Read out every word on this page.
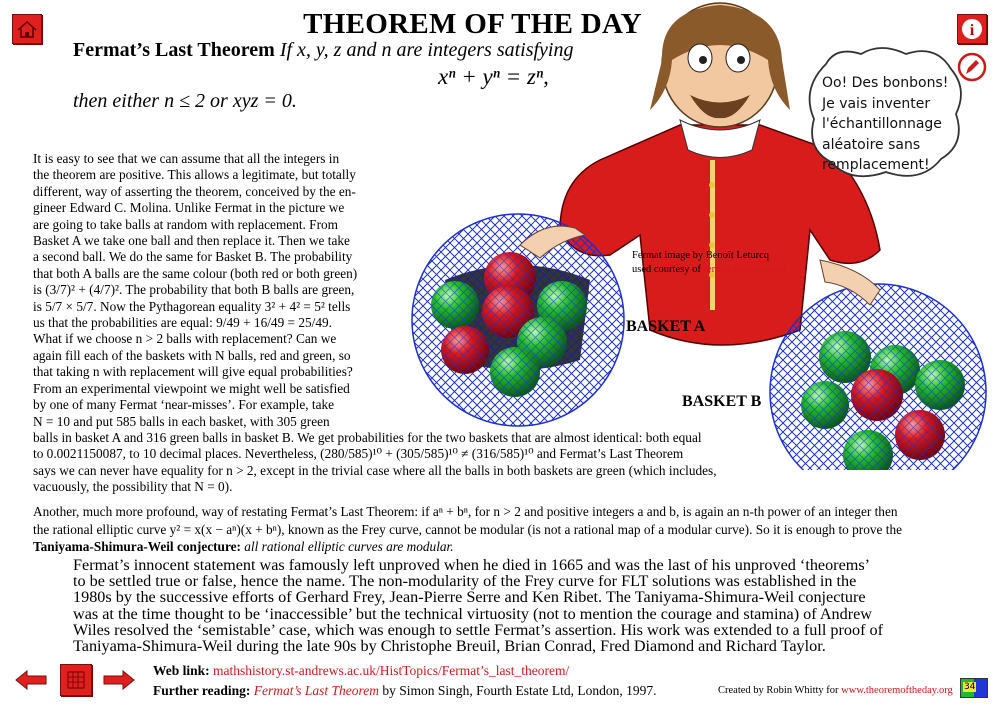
i
THEOREM OF THE DAY
Fermat’s Last Theorem If x, y, z and n are integers satisfying
xⁿ + yⁿ = zⁿ,
then either n ≤ 2 or xyz = 0.
Oo! Des bonbons!
Je vais inventer
l'échantillonnage
aléatoire sans
remplacement!
Fermat image by Benoît Leturcq
used courtesy of fermat-science.com
BASKET A
BASKET B
It is easy to see that we can assume that all the integers in
the theorem are positive. This allows a legitimate, but totally
different, way of asserting the theorem, conceived by the en-
gineer Edward C. Molina. Unlike Fermat in the picture we
are going to take balls at random with replacement. From
Basket A we take one ball and then replace it. Then we take
a second ball. We do the same for Basket B. The probability
that both A balls are the same colour (both red or both green)
is (3/7)² + (4/7)². The probability that both B balls are green,
is 5/7 × 5/7. Now the Pythagorean equality 3² + 4² = 5² tells
us that the probabilities are equal: 9/49 + 16/49 = 25/49.
What if we choose n > 2 balls with replacement? Can we
again fill each of the baskets with N balls, red and green, so
that taking n with replacement will give equal probabilities?
From an experimental viewpoint we might well be satisfied
by one of many Fermat ‘near-misses’. For example, take
N = 10 and put 585 balls in each basket, with 305 green
balls in basket A and 316 green balls in basket B. We get probabilities for the two baskets that are almost identical: both equal
to 0.0021150087, to 10 decimal places. Nevertheless, (280/585)¹⁰ + (305/585)¹⁰ ≠ (316/585)¹⁰ and Fermat’s Last Theorem
says we can never have equality for n > 2, except in the trivial case where all the balls in both baskets are green (which includes,
vacuously, the possibility that N = 0).
Another, much more profound, way of restating Fermat’s Last Theorem: if aⁿ + bⁿ, for n > 2 and positive integers a and b, is again an n-th power of an integer then
the rational elliptic curve y² = x(x − aⁿ)(x + bⁿ), known as the Frey curve, cannot be modular (is not a rational map of a modular curve). So it is enough to prove the
Taniyama-Shimura-Weil conjecture: all rational elliptic curves are modular.
Fermat’s innocent statement was famously left unproved when he died in 1665 and was the last of his unproved ‘theorems’
to be settled true or false, hence the name. The non-modularity of the Frey curve for FLT solutions was established in the
1980s by the successive efforts of Gerhard Frey, Jean-Pierre Serre and Ken Ribet. The Taniyama-Shimura-Weil conjecture
was at the time thought to be ‘inaccessible’ but the technical virtuosity (not to mention the courage and stamina) of Andrew
Wiles resolved the ‘semistable’ case, which was enough to settle Fermat’s assertion. His work was extended to a full proof of
Taniyama-Shimura-Weil during the late 90s by Christophe Breuil, Brian Conrad, Fred Diamond and Richard Taylor.
Web link: mathshistory.st-andrews.ac.uk/HistTopics/Fermat’s_last_theorem/
Further reading: Fermat’s Last Theorem by Simon Singh, Fourth Estate Ltd, London, 1997.	Created by Robin Whitty for www.theoremoftheday.org 34
